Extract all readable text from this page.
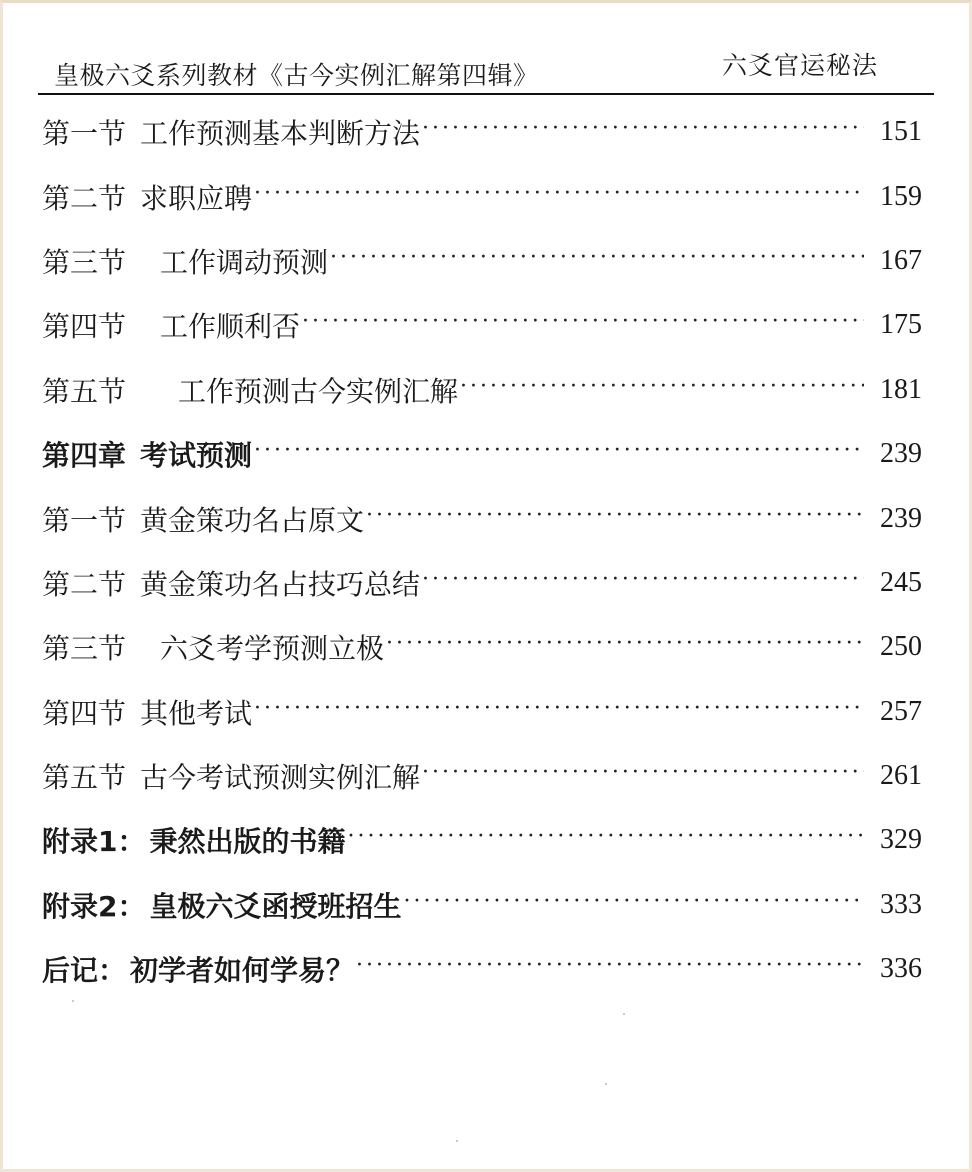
皇极六爻系列教材《古今实例汇解第四辑》	六爻官运秘法
第一节 工作预测基本判断方法 ·····	151
第二节 求职应聘 ·····	159
第三节 工作调动预测 ·····	167
第四节 工作顺利否 ·····	175
第五节 工作预测古今实例汇解 ·····	181
第四章 考试预测 ·····	239
第一节 黄金策功名占原文 ·····	239
第二节 黄金策功名占技巧总结 ·····	245
第三节 六爻考学预测立极 ·····	250
第四节 其他考试 ·····	257
第五节 古今考试预测实例汇解 ·····	261
附录1： 秉然出版的书籍 ·····	329
附录2： 皇极六爻函授班招生 ·····	333
后记： 初学者如何学易？ ·····	336
